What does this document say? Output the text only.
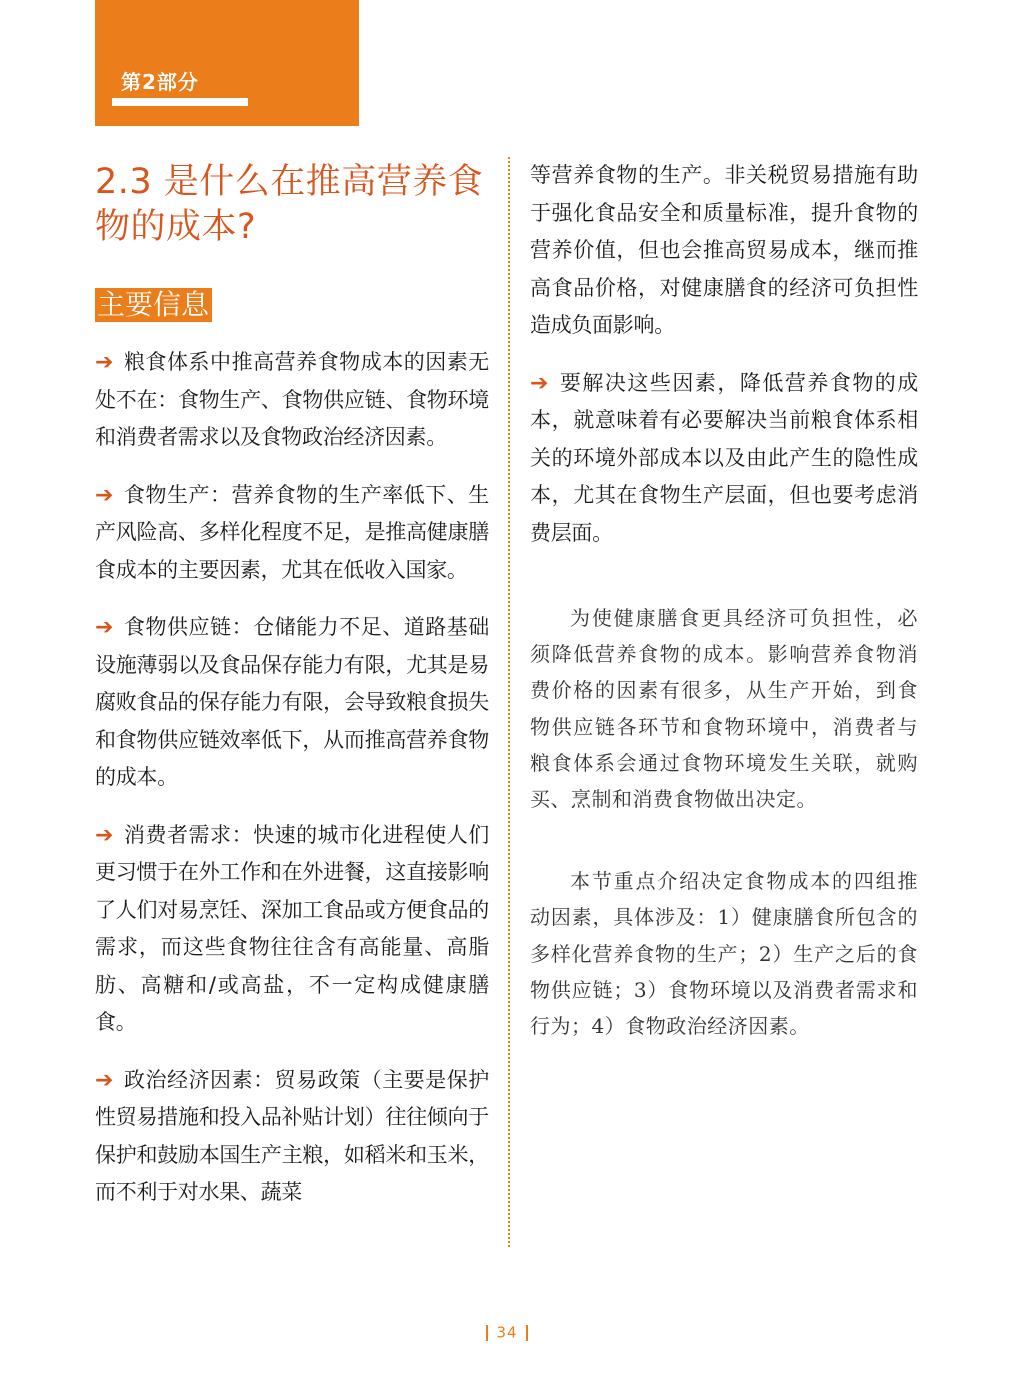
第2部分
2.3 是什么在推高营养食物的成本?
主要信息

➔ 粮食体系中推高营养食物成本的因素无处不在：食物生产、食物供应链、食物环境和消费者需求以及食物政治经济因素。

➔ 食物生产：营养食物的生产率低下、生产风险高、多样化程度不足，是推高健康膳食成本的主要因素，尤其在低收入国家。

➔ 食物供应链：仓储能力不足、道路基础设施薄弱以及食品保存能力有限，尤其是易腐败食品的保存能力有限，会导致粮食损失和食物供应链效率低下，从而推高营养食物的成本。

➔ 消费者需求：快速的城市化进程使人们更习惯于在外工作和在外进餐，这直接影响了人们对易烹饪、深加工食品或方便食品的需求，而这些食物往往含有高能量、高脂肪、高糖和/或高盐，不一定构成健康膳食。

➔ 政治经济因素：贸易政策（主要是保护性贸易措施和投入品补贴计划）往往倾向于保护和鼓励本国生产主粮，如稻米和玉米，而不利于对水果、蔬菜

等营养食物的生产。非关税贸易措施有助于强化食品安全和质量标准，提升食物的营养价值，但也会推高贸易成本，继而推高食品价格，对健康膳食的经济可负担性造成负面影响。

➔ 要解决这些因素，降低营养食物的成本，就意味着有必要解决当前粮食体系相关的环境外部成本以及由此产生的隐性成本，尤其在食物生产层面，但也要考虑消费层面。

为使健康膳食更具经济可负担性，必须降低营养食物的成本。影响营养食物消费价格的因素有很多，从生产开始，到食物供应链各环节和食物环境中，消费者与粮食体系会通过食物环境发生关联，就购买、烹制和消费食物做出决定。

本节重点介绍决定食物成本的四组推动因素，具体涉及：1）健康膳食所包含的多样化营养食物的生产；2）生产之后的食物供应链；3）食物环境以及消费者需求和行为；4）食物政治经济因素。

34
